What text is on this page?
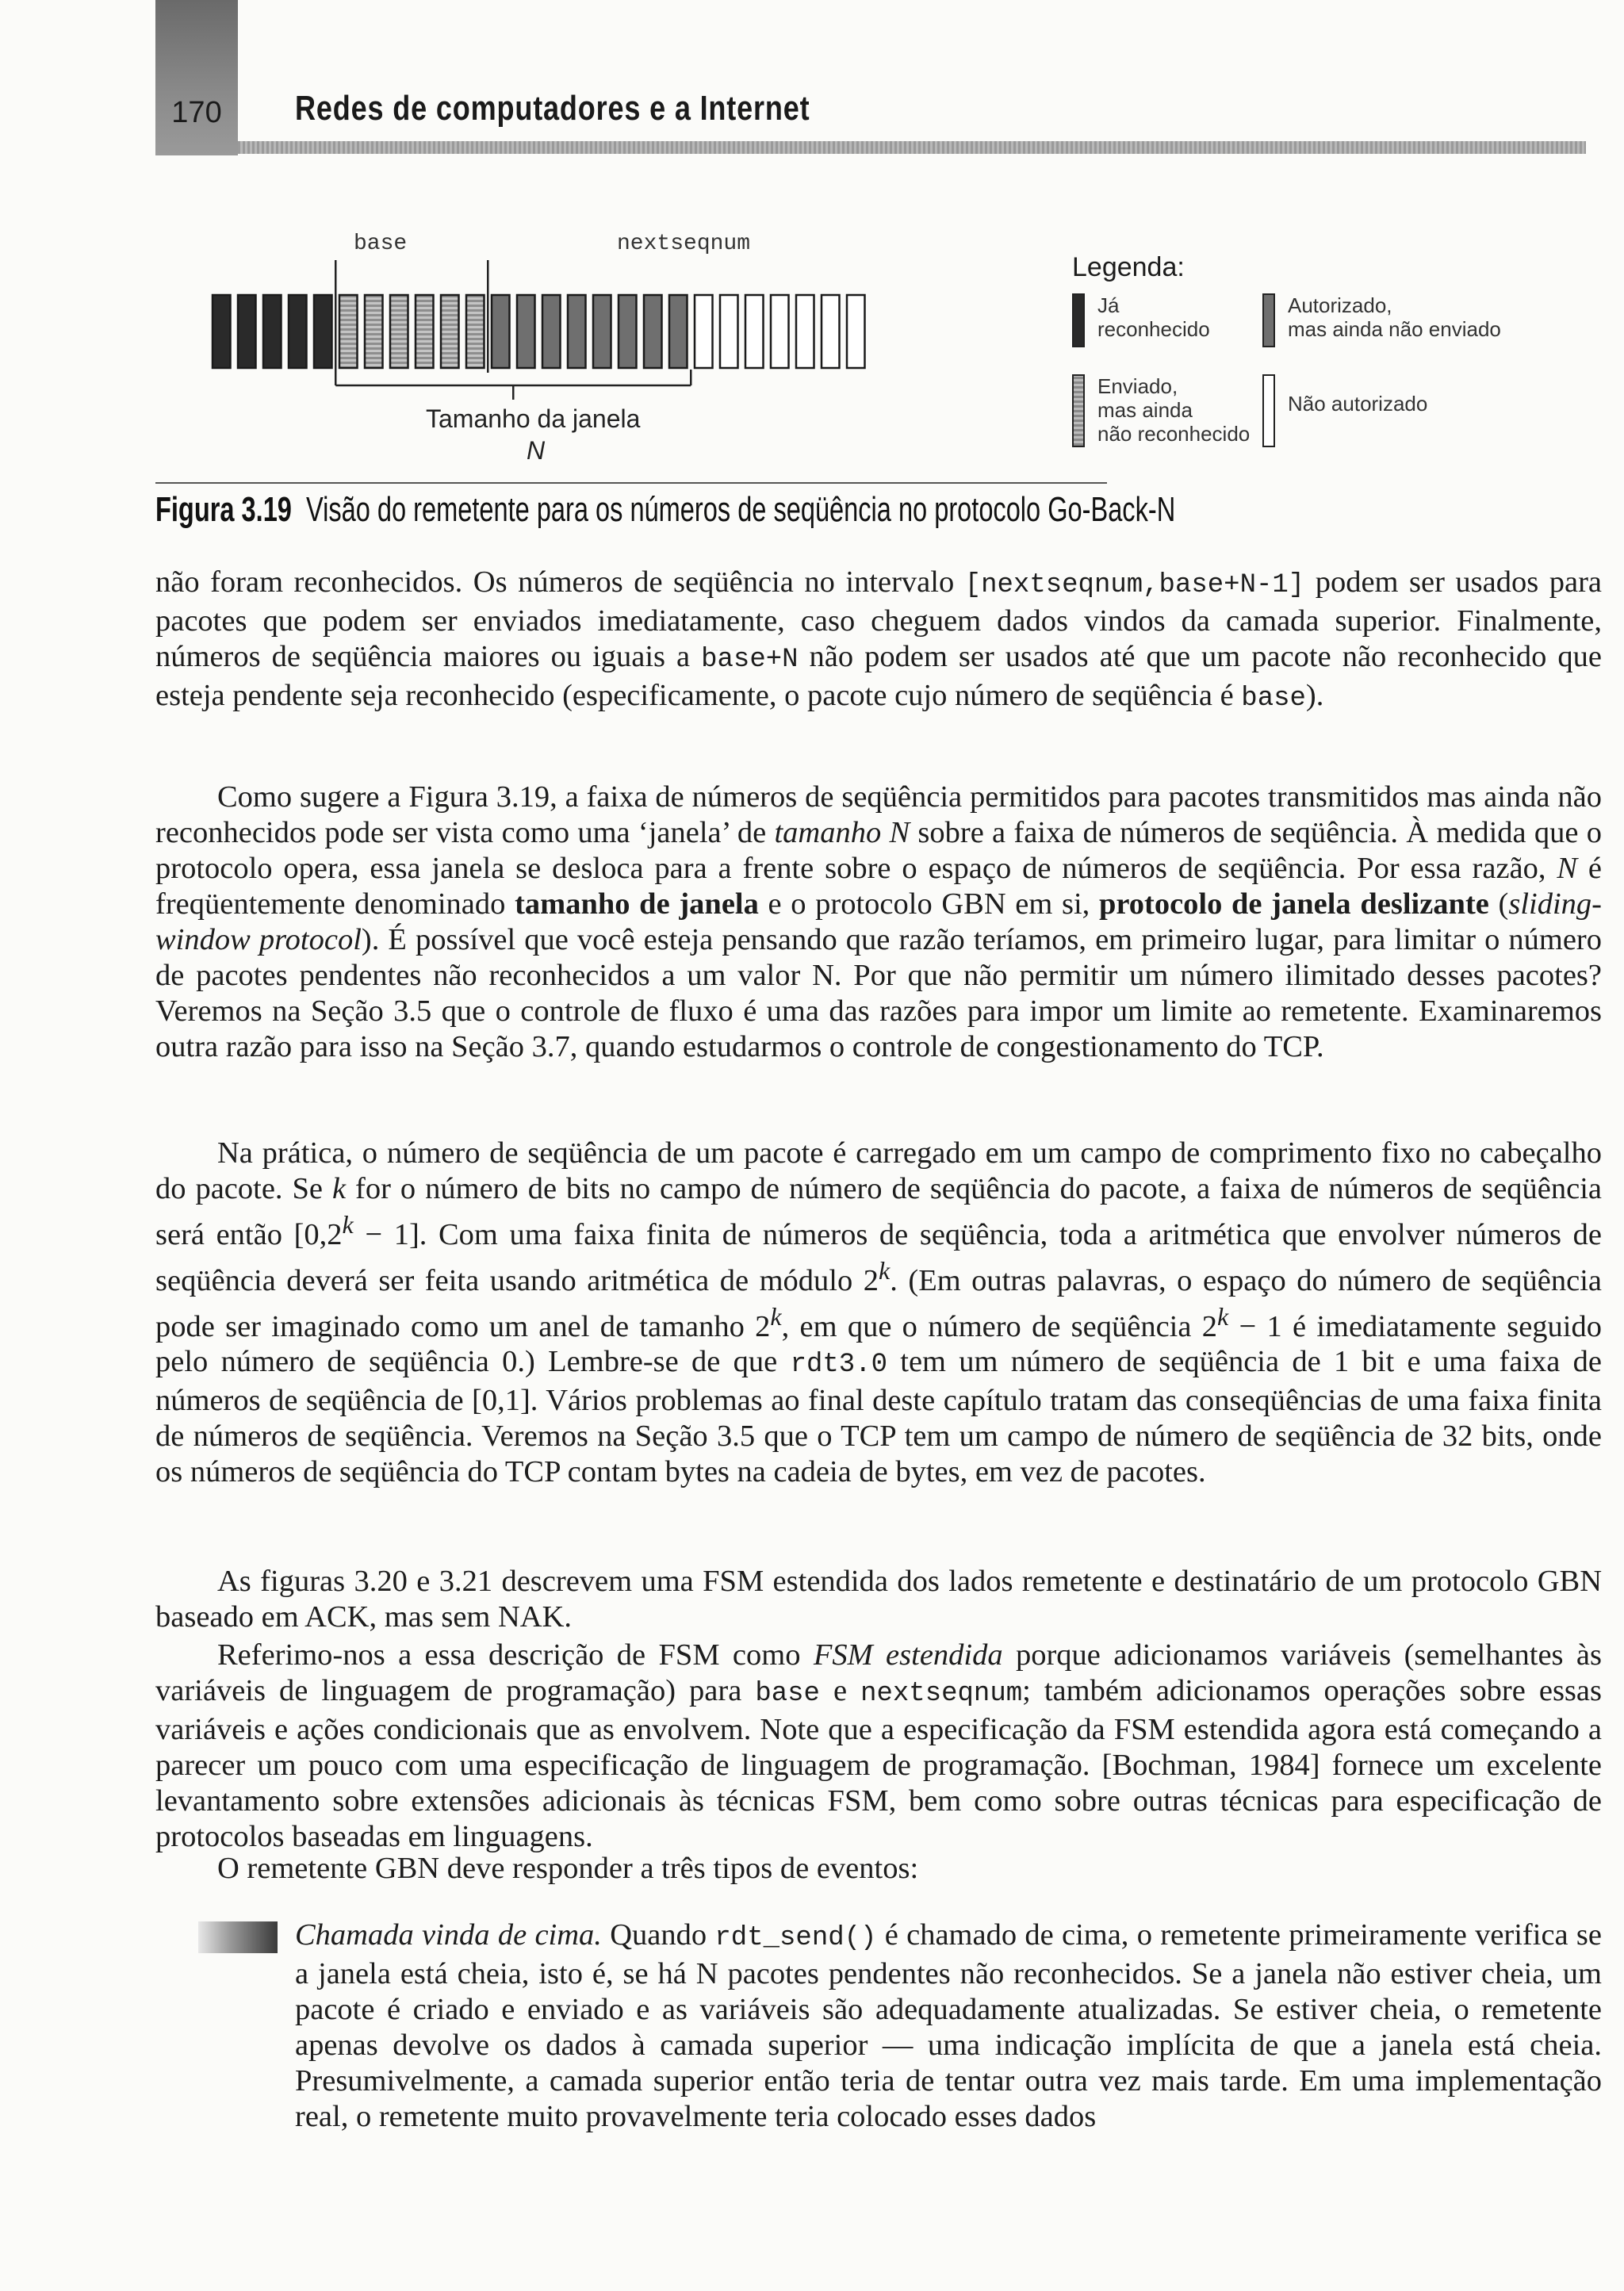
170	Redes de computadores e a Internet
base	nextseqnum
Tamanho da janela
N
Legenda:
Já
reconhecido
Enviado,
mas ainda
não reconhecido
Autorizado,
mas ainda não enviado
Não autorizado
Figura 3.19 Visão do remetente para os números de seqüência no protocolo Go-Back-N

não foram reconhecidos. Os números de seqüência no intervalo [nextseqnum,base+N-1] podem ser usados para pacotes que podem ser enviados imediatamente, caso cheguem dados vindos da camada superior. Finalmente, números de seqüência maiores ou iguais a base+N não podem ser usados até que um pacote não reconhecido que esteja pendente seja reconhecido (especificamente, o pacote cujo número de seqüência é base).

Como sugere a Figura 3.19, a faixa de números de seqüência permitidos para pacotes transmitidos mas ainda não reconhecidos pode ser vista como uma ‘janela’ de tamanho N sobre a faixa de números de seqüência. À medida que o protocolo opera, essa janela se desloca para a frente sobre o espaço de números de seqüência. Por essa razão, N é freqüentemente denominado tamanho de janela e o protocolo GBN em si, protocolo de janela deslizante (sliding-window protocol). É possível que você esteja pensando que razão teríamos, em primeiro lugar, para limitar o número de pacotes pendentes não reconhecidos a um valor N. Por que não permitir um número ilimitado desses pacotes? Veremos na Seção 3.5 que o controle de fluxo é uma das razões para impor um limite ao remetente. Examinaremos outra razão para isso na Seção 3.7, quando estudarmos o controle de congestionamento do TCP.

Na prática, o número de seqüência de um pacote é carregado em um campo de comprimento fixo no cabeçalho do pacote. Se k for o número de bits no campo de número de seqüência do pacote, a faixa de números de seqüência será então $[0,2^k - 1]$. Com uma faixa finita de números de seqüência, toda a aritmética que envolver números de seqüência deverá ser feita usando aritmética de módulo 2$^k$. (Em outras palavras, o espaço do número de seqüência pode ser imaginado como um anel de tamanho 2$^k$, em que o número de seqüência $2^k - 1$ é imediatamente seguido pelo número de seqüência 0.) Lembre-se de que rdt3.0 tem um número de seqüência de 1 bit e uma faixa de números de seqüência de [0,1]. Vários problemas ao final deste capítulo tratam das conseqüências de uma faixa finita de números de seqüência. Veremos na Seção 3.5 que o TCP tem um campo de número de seqüência de 32 bits, onde os números de seqüência do TCP contam bytes na cadeia de bytes, em vez de pacotes.

As figuras 3.20 e 3.21 descrevem uma FSM estendida dos lados remetente e destinatário de um protocolo GBN baseado em ACK, mas sem NAK.

Referimo-nos a essa descrição de FSM como FSM estendida porque adicionamos variáveis (semelhantes às variáveis de linguagem de programação) para base e nextseqnum; também adicionamos operações sobre essas variáveis e ações condicionais que as envolvem. Note que a especificação da FSM estendida agora está começando a parecer um pouco com uma especificação de linguagem de programação. [Bochman, 1984] fornece um excelente levantamento sobre extensões adicionais às técnicas FSM, bem como sobre outras técnicas para especificação de protocolos baseadas em linguagens.

O remetente GBN deve responder a três tipos de eventos:

Chamada vinda de cima. Quando rdt_send() é chamado de cima, o remetente primeiramente verifica se a janela está cheia, isto é, se há N pacotes pendentes não reconhecidos. Se a janela não estiver cheia, um pacote é criado e enviado e as variáveis são adequadamente atualizadas. Se estiver cheia, o remetente apenas devolve os dados à camada superior — uma indicação implícita de que a janela está cheia. Presumivelmente, a camada superior então teria de tentar outra vez mais tarde. Em uma implementação real, o remetente muito provavelmente teria colocado esses dados
